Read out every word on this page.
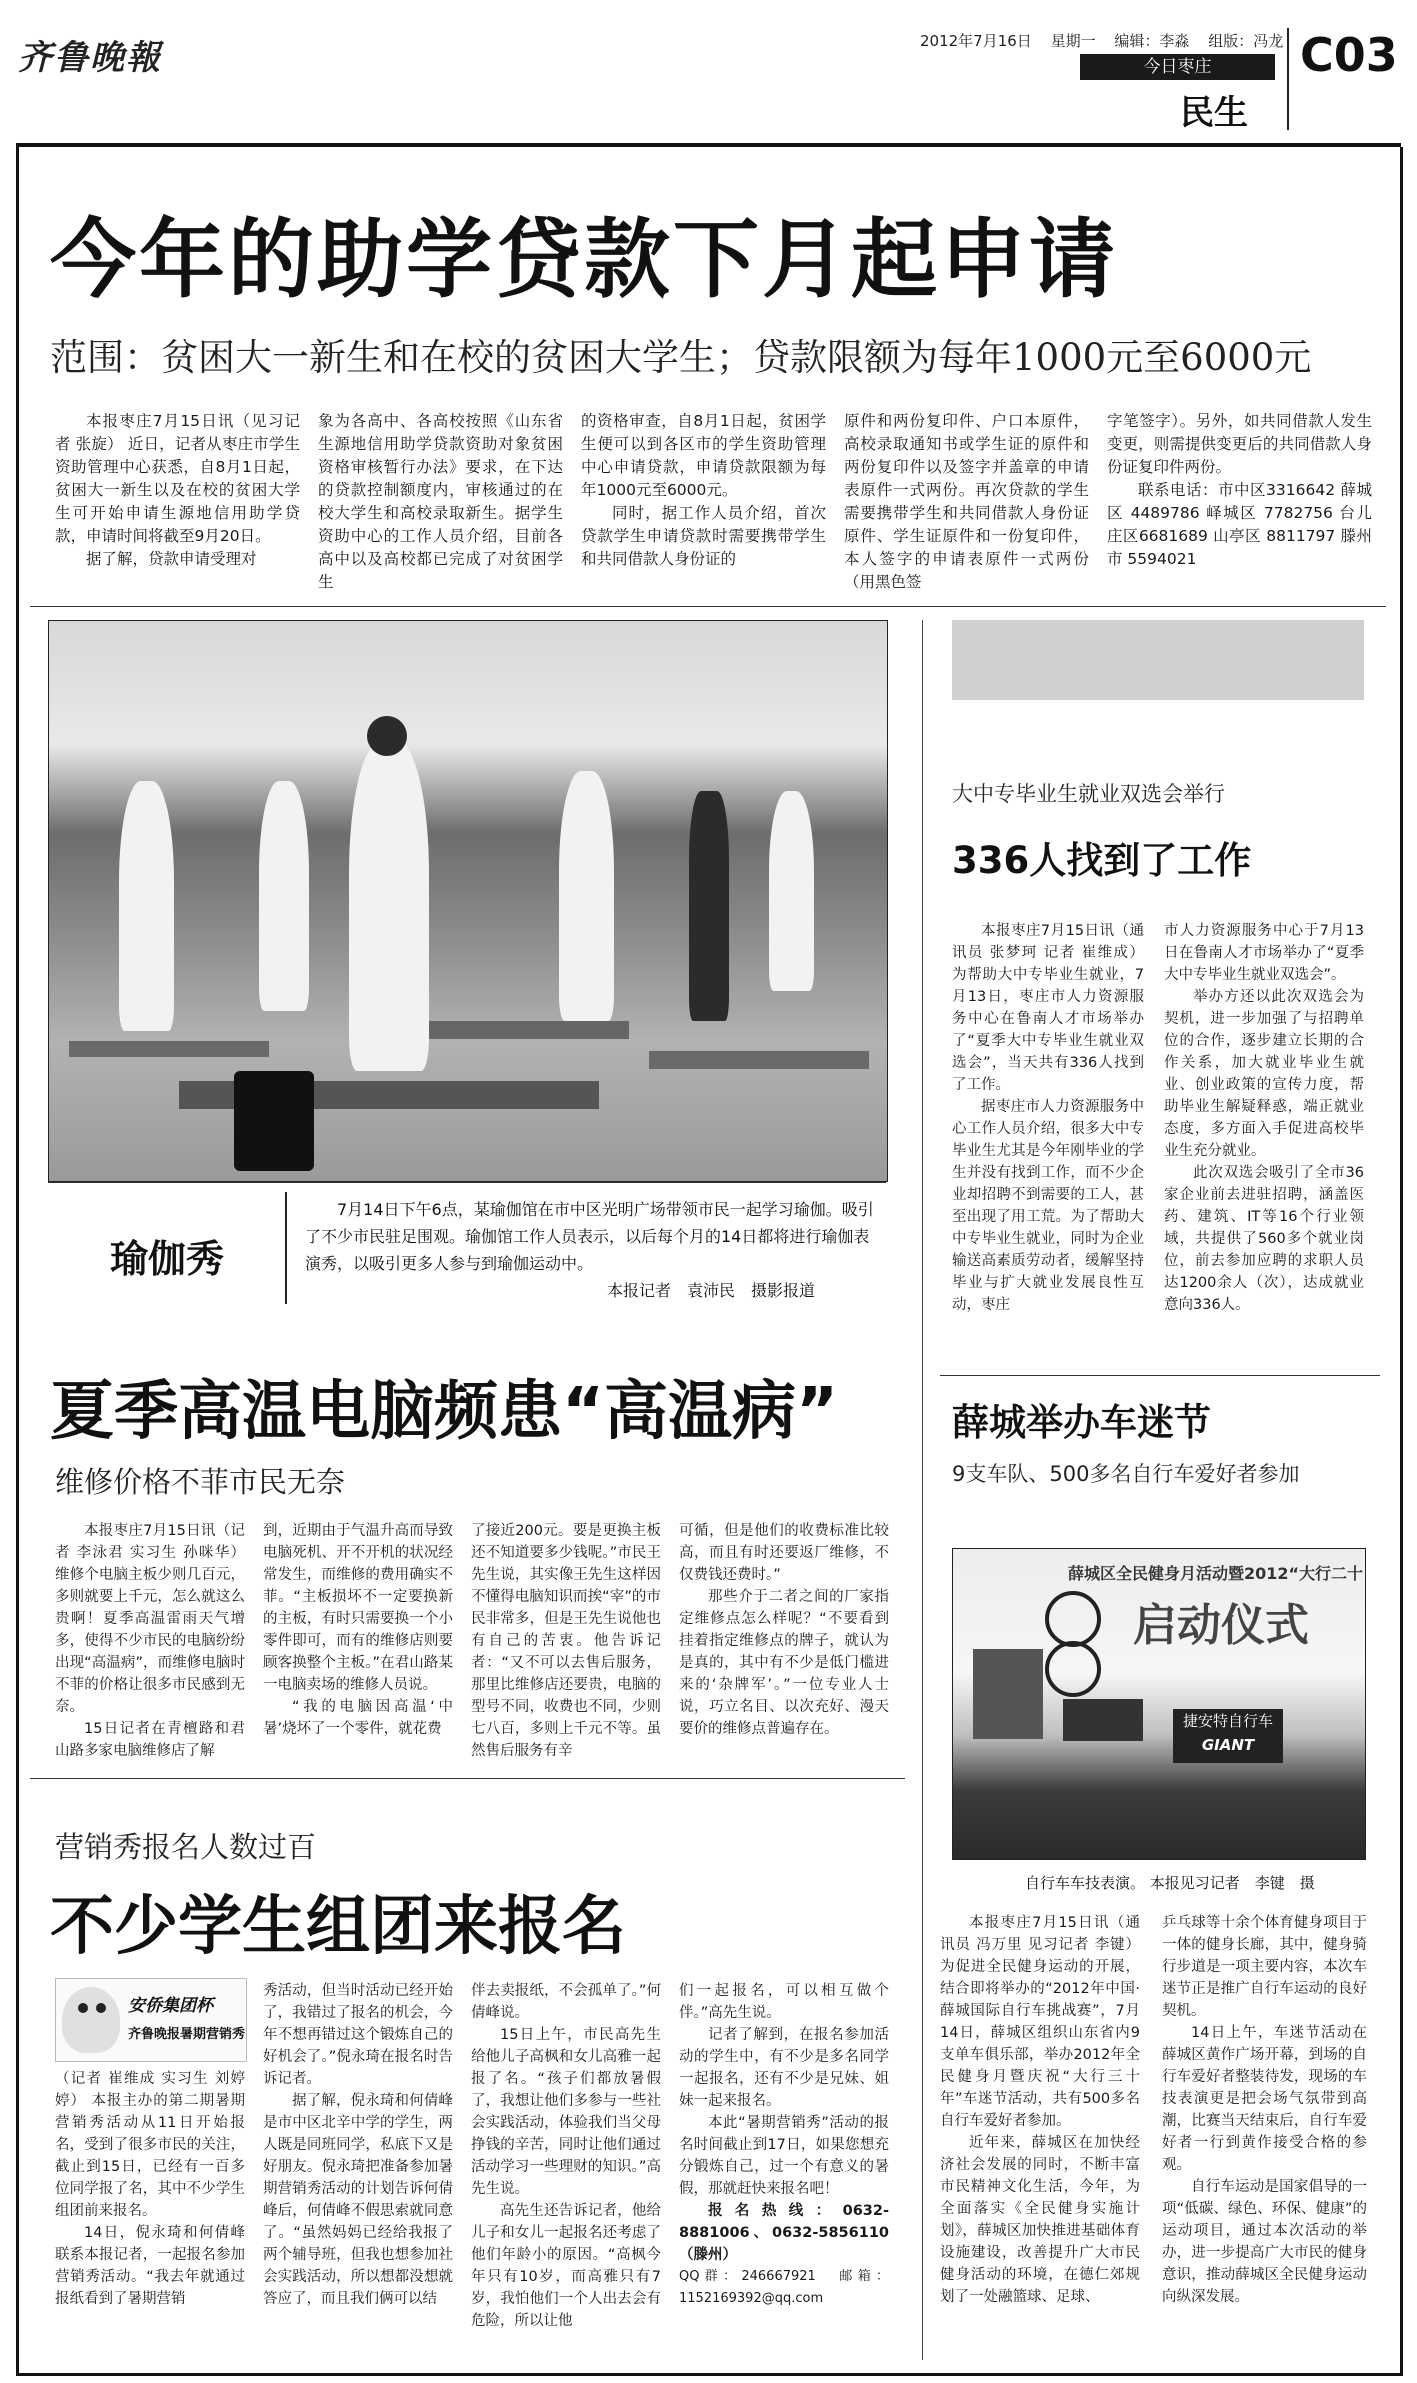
齐鲁晚報	2012年7月16日 星期一 编辑：李淼 组版：冯龙
今日枣庄
民生
C03
今年的助学贷款下月起申请
范围：贫困大一新生和在校的贫困大学生；贷款限额为每年1000元至6000元

本报枣庄7月15日讯（见习记者 张旋） 近日，记者从枣庄市学生资助管理中心获悉，自8月1日起，贫困大一新生以及在校的贫困大学生可开始申请生源地信用助学贷款，申请时间将截至9月20日。

据了解，贷款申请受理对

象为各高中、各高校按照《山东省生源地信用助学贷款资助对象贫困资格审核暂行办法》要求，在下达的贷款控制额度内，审核通过的在校大学生和高校录取新生。据学生资助中心的工作人员介绍，目前各高中以及高校都已完成了对贫困学生

的资格审查，自8月1日起，贫困学生便可以到各区市的学生资助管理中心申请贷款，申请贷款限额为每年1000元至6000元。

同时，据工作人员介绍，首次贷款学生申请贷款时需要携带学生和共同借款人身份证的

原件和两份复印件、户口本原件，高校录取通知书或学生证的原件和两份复印件以及签字并盖章的申请表原件一式两份。再次贷款的学生需要携带学生和共同借款人身份证原件、学生证原件和一份复印件，本人签字的申请表原件一式两份（用黑色签

字笔签字）。另外，如共同借款人发生变更，则需提供变更后的共同借款人身份证复印件两份。

联系电话：市中区3316642 薛城区 4489786 峄城区 7782756 台儿庄区6681689 山亭区 8811797 滕州市 5594021

瑜伽秀
7月14日下午6点，某瑜伽馆在市中区光明广场带领市民一起学习瑜伽。吸引了不少市民驻足围观。瑜伽馆工作人员表示，以后每个月的14日都将进行瑜伽表演秀，以吸引更多人参与到瑜伽运动中。
本报记者　袁沛民　摄影报道
大中专毕业生就业双选会举行
336人找到了工作

本报枣庄7月15日讯（通讯员 张梦珂 记者 崔维成） 为帮助大中专毕业生就业，7月13日，枣庄市人力资源服务中心在鲁南人才市场举办了“夏季大中专毕业生就业双选会”，当天共有336人找到了工作。

据枣庄市人力资源服务中心工作人员介绍，很多大中专毕业生尤其是今年刚毕业的学生并没有找到工作，而不少企业却招聘不到需要的工人，甚至出现了用工荒。为了帮助大中专毕业生就业，同时为企业输送高素质劳动者，缓解坚持毕业与扩大就业发展良性互动，枣庄

市人力资源服务中心于7月13日在鲁南人才市场举办了“夏季大中专毕业生就业双选会”。

举办方还以此次双选会为契机，进一步加强了与招聘单位的合作，逐步建立长期的合作关系，加大就业毕业生就业、创业政策的宣传力度，帮助毕业生解疑释惑，端正就业态度，多方面入手促进高校毕业生充分就业。

此次双选会吸引了全市36家企业前去进驻招聘，涵盖医药、建筑、IT等16个行业领域，共提供了560多个就业岗位，前去参加应聘的求职人员达1200余人（次），达成就业意向336人。

薛城举办车迷节
9支车队、500多名自行车爱好者参加
薛城区全民健身月活动暨2012“大行二十
启动仪式
捷安特自行车
GIANT
自行车车技表演。 本报见习记者　李键　摄

本报枣庄7月15日讯（通讯员 冯万里 见习记者 李键） 为促进全民健身运动的开展，结合即将举办的“2012年中国·薛城国际自行车挑战赛”，7月14日，薛城区组织山东省内9支单车俱乐部，举办2012年全民健身月暨庆祝“大行三十年”车迷节活动，共有500多名自行车爱好者参加。

近年来，薛城区在加快经济社会发展的同时，不断丰富市民精神文化生活，今年，为全面落实《全民健身实施计划》，薛城区加快推进基础体育设施建设，改善提升广大市民健身活动的环境，在德仁郊规划了一处融篮球、足球、

乒乓球等十余个体育健身项目于一体的健身长廊，其中，健身骑行步道是一项主要内容，本次车迷节正是推广自行车运动的良好契机。

14日上午，车迷节活动在薛城区黄作广场开幕，到场的自行车爱好者整装待发，现场的车技表演更是把会场气氛带到高潮，比赛当天结束后，自行车爱好者一行到黄作接受合格的参观。

自行车运动是国家倡导的一项“低碳、绿色、环保、健康”的运动项目，通过本次活动的举办，进一步提高广大市民的健身意识，推动薛城区全民健身运动向纵深发展。

夏季高温电脑频患“高温病”
维修价格不菲市民无奈

本报枣庄7月15日讯（记者 李泳君 实习生 孙咪华） 维修个电脑主板少则几百元，多则就要上千元，怎么就这么贵啊！夏季高温雷雨天气增多，使得不少市民的电脑纷纷出现“高温病”，而维修电脑时不菲的价格让很多市民感到无奈。

15日记者在青檀路和君山路多家电脑维修店了解

到，近期由于气温升高而导致电脑死机、开不开机的状况经常发生，而维修的费用确实不菲。“主板损坏不一定要换新的主板，有时只需要换一个小零件即可，而有的维修店则要顾客换整个主板。”在君山路某一电脑卖场的维修人员说。

“我的电脑因高温‘中暑’烧坏了一个零件，就花费

了接近200元。要是更换主板还不知道要多少钱呢。”市民王先生说，其实像王先生这样因不懂得电脑知识而挨“宰”的市民非常多，但是王先生说他也有自己的苦衷。他告诉记者：“又不可以去售后服务，那里比维修店还要贵，电脑的型号不同，收费也不同，少则七八百，多则上千元不等。虽然售后服务有辛

可循，但是他们的收费标准比较高，而且有时还要返厂维修，不仅费钱还费时。”

那些介于二者之间的厂家指定维修点怎么样呢？“不要看到挂着指定维修点的牌子，就认为是真的，其中有不少是低门槛进来的‘杂牌军’。”一位专业人士说，巧立名目、以次充好、漫天要价的维修点普遍存在。

营销秀报名人数过百
不少学生组团来报名
安侨集团杯
齐鲁晚报暑期营销秀

（记者 崔维成 实习生 刘婷婷） 本报主办的第二期暑期营销秀活动从11日开始报名，受到了很多市民的关注，截止到15日，已经有一百多位同学报了名，其中不少学生组团前来报名。

14日，倪永琦和何倩峰联系本报记者，一起报名参加营销秀活动。“我去年就通过报纸看到了暑期营销

秀活动，但当时活动已经开始了，我错过了报名的机会，今年不想再错过这个锻炼自己的好机会了。”倪永琦在报名时告诉记者。

据了解，倪永琦和何倩峰是市中区北辛中学的学生，两人既是同班同学，私底下又是好朋友。倪永琦把准备参加暑期营销秀活动的计划告诉何倩峰后，何倩峰不假思索就同意了。“虽然妈妈已经给我报了两个辅导班，但我也想参加社会实践活动，所以想都没想就答应了，而且我们俩可以结

伴去卖报纸，不会孤单了。”何倩峰说。

15日上午，市民高先生给他儿子高枫和女儿高雅一起报了名。“孩子们都放暑假了，我想让他们多参与一些社会实践活动，体验我们当父母挣钱的辛苦，同时让他们通过活动学习一些理财的知识。”高先生说。

高先生还告诉记者，他给儿子和女儿一起报名还考虑了他们年龄小的原因。“高枫今年只有10岁，而高雅只有7岁，我怕他们一个人出去会有危险，所以让他

们一起报名，可以相互做个伴。”高先生说。

记者了解到，在报名参加活动的学生中，有不少是多名同学一起报名，还有不少是兄妹、姐妹一起来报名。

本此“暑期营销秀”活动的报名时间截止到17日，如果您想充分锻炼自己，过一个有意义的暑假，那就赶快来报名吧！

报名热线：0632-8881006、0632-5856110（滕州）

QQ群：246667921　邮箱：1152169392@qq.com
